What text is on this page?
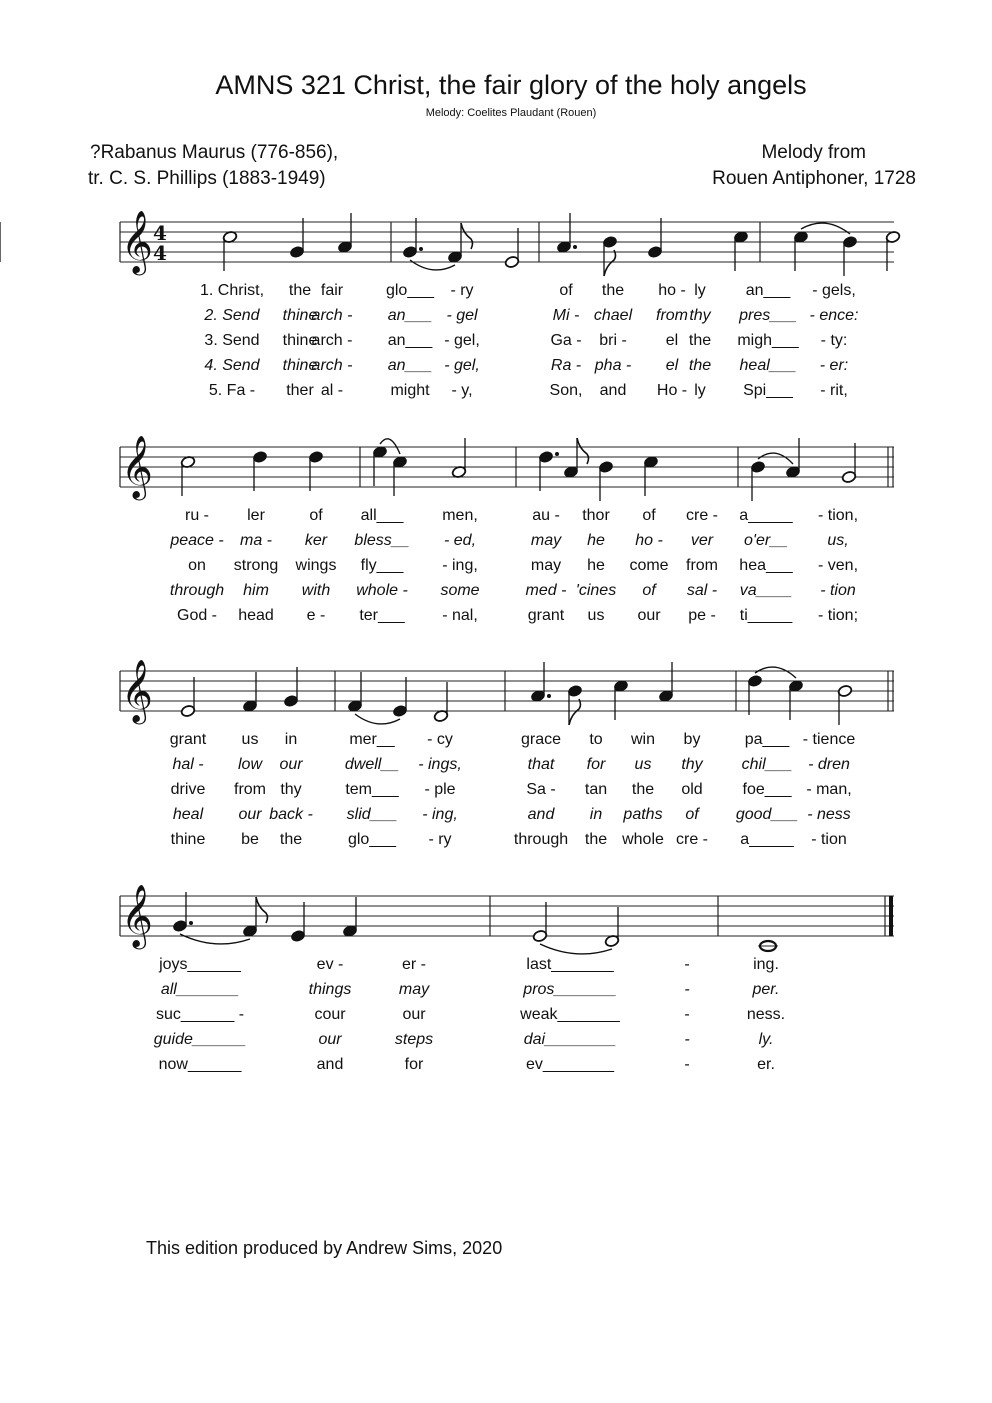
AMNS 321 Christ, the fair glory of the holy angels
Melody: Coelites Plaudant (Rouen)
?Rabanus Maurus (776-856),
tr. C. S. Phillips (1883-1949)
Melody from
Rouen Antiphoner, 1728
𝄞 4
4
1. Christ, the fair	glo___ - ry	of the ho - ly an___ - gels,
2. Send thine
arch - an___ - gel	Mi - chael from thy pres___ - ence:
3. Send thine
arch - an___ - gel,	Ga - bri - el the migh___ - ty:
4. Send thine
arch - an___ - gel,	Ra - pha - el the heal___ - er:
5. Fa - ther al -	might - y,	Son, and Ho - ly Spi___ - rit,
𝄞
ru - ler	of all___ men,	au - thor of cre - a_____ - tion,
peace - ma - ker bless__ - ed,	may he ho - ver o'er__ us,
on strong wings fly___ - ing,	may he come from hea___ - ven,
through him with whole - some	med - 'cines of sal - va____ - tion
God - head e - ter___ - nal,	grant us our pe - ti_____ - tion;
𝄞
grant us in	mer__ - cy	grace to win by	pa___ - tience
hal - low our	dwell__ - ings,	that for us thy chil___ - dren
drive from thy	tem___ - ple	Sa - tan the old foe___ - man,
heal our back - slid___ - ing,	and in paths of good___ - ness
thine be the	glo___ - ry	through the whole cre - a_____ - tion
𝄞
joys______	ev -	er -	last_______	-	ing.
all_______	things	may	pros_______	-	per.
suc______ -	cour	our	weak_______	-	ness.
guide______	our	steps	dai________	-	ly.
now______	and	for	ev________	-	er.
This edition produced by Andrew Sims, 2020
